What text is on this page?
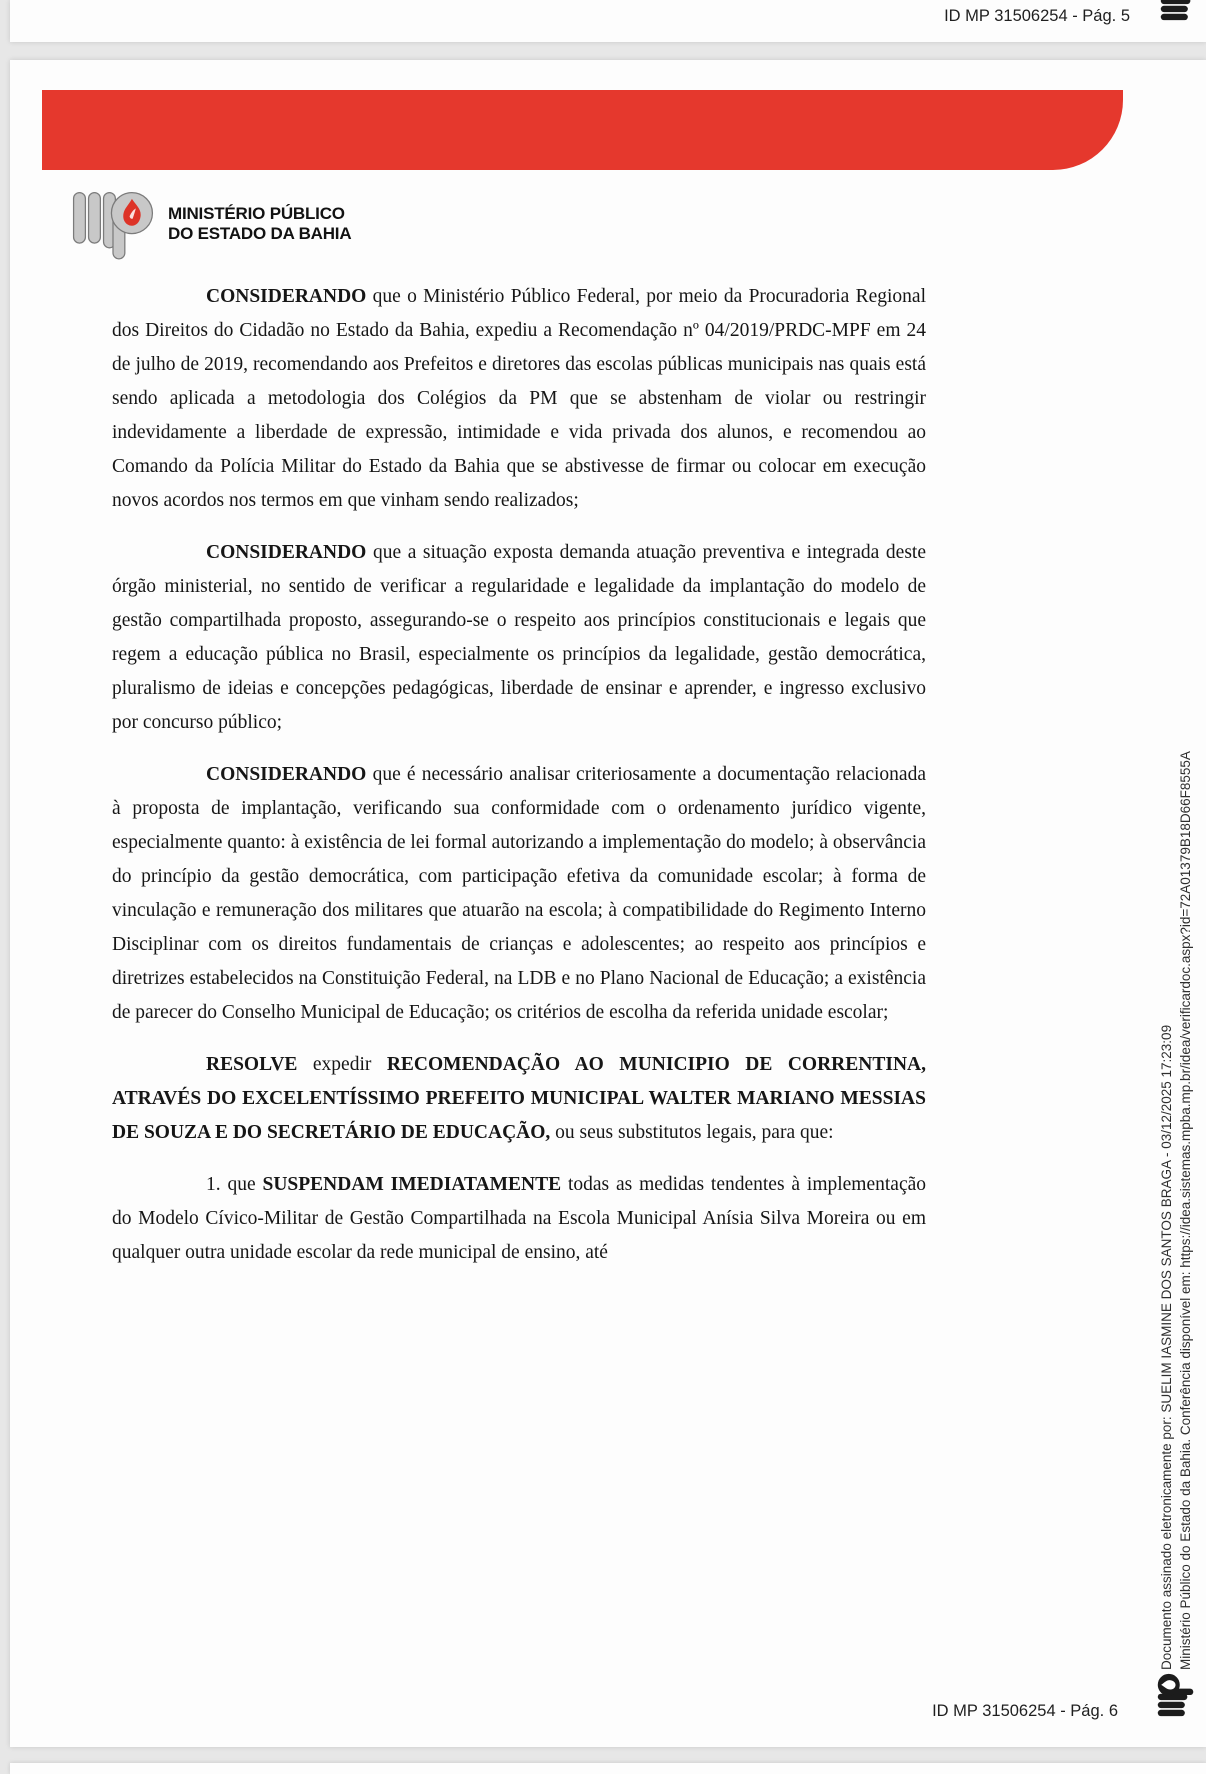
ID MP 31506254 - Pág. 5
MINISTÉRIO PÚBLICO
DO ESTADO DA BAHIA

CONSIDERANDO que o Ministério Público Federal, por meio da Procuradoria Regional dos Direitos do Cidadão no Estado da Bahia, expediu a Recomendação nº 04/2019/PRDC-MPF em 24 de julho de 2019, recomendando aos Prefeitos e diretores das escolas públicas municipais nas quais está sendo aplicada a metodologia dos Colégios da PM que se abstenham de violar ou restringir indevidamente a liberdade de expressão, intimidade e vida privada dos alunos, e recomendou ao Comando da Polícia Militar do Estado da Bahia que se abstivesse de firmar ou colocar em execução novos acordos nos termos em que vinham sendo realizados;

CONSIDERANDO que a situação exposta demanda atuação preventiva e integrada deste órgão ministerial, no sentido de verificar a regularidade e legalidade da implantação do modelo de gestão compartilhada proposto, assegurando-se o respeito aos princípios constitucionais e legais que regem a educação pública no Brasil, especialmente os princípios da legalidade, gestão democrática, pluralismo de ideias e concepções pedagógicas, liberdade de ensinar e aprender, e ingresso exclusivo por concurso público;

CONSIDERANDO que é necessário analisar criteriosamente a documentação relacionada à proposta de implantação, verificando sua conformidade com o ordenamento jurídico vigente, especialmente quanto: à existência de lei formal autorizando a implementação do modelo; à observância do princípio da gestão democrática, com participação efetiva da comunidade escolar; à forma de vinculação e remuneração dos militares que atuarão na escola; à compatibilidade do Regimento Interno Disciplinar com os direitos fundamentais de crianças e adolescentes; ao respeito aos princípios e diretrizes estabelecidos na Constituição Federal, na LDB e no Plano Nacional de Educação; a existência de parecer do Conselho Municipal de Educação; os critérios de escolha da referida unidade escolar;

RESOLVE expedir RECOMENDAÇÃO AO MUNICIPIO DE CORRENTINA, ATRAVÉS DO EXCELENTÍSSIMO PREFEITO MUNICIPAL WALTER MARIANO MESSIAS DE SOUZA E DO SECRETÁRIO DE EDUCAÇÃO, ou seus substitutos legais, para que:

1. que SUSPENDAM IMEDIATAMENTE todas as medidas tendentes à implementação do Modelo Cívico-Militar de Gestão Compartilhada na Escola Municipal Anísia Silva Moreira ou em qualquer outra unidade escolar da rede municipal de ensino, até	Documento assinado eletronicamente por: SUELIM IASMINE DOS SANTOS BRAGA - 03/12/2025 17:23:09 Ministério Público do Estado da Bahia. Conferência disponível em: https://idea.sistemas.mpba.mp.br/idea/verificardoc.aspx?id=72A01379B18D66F8555A
ID MP 31506254 - Pág. 6
